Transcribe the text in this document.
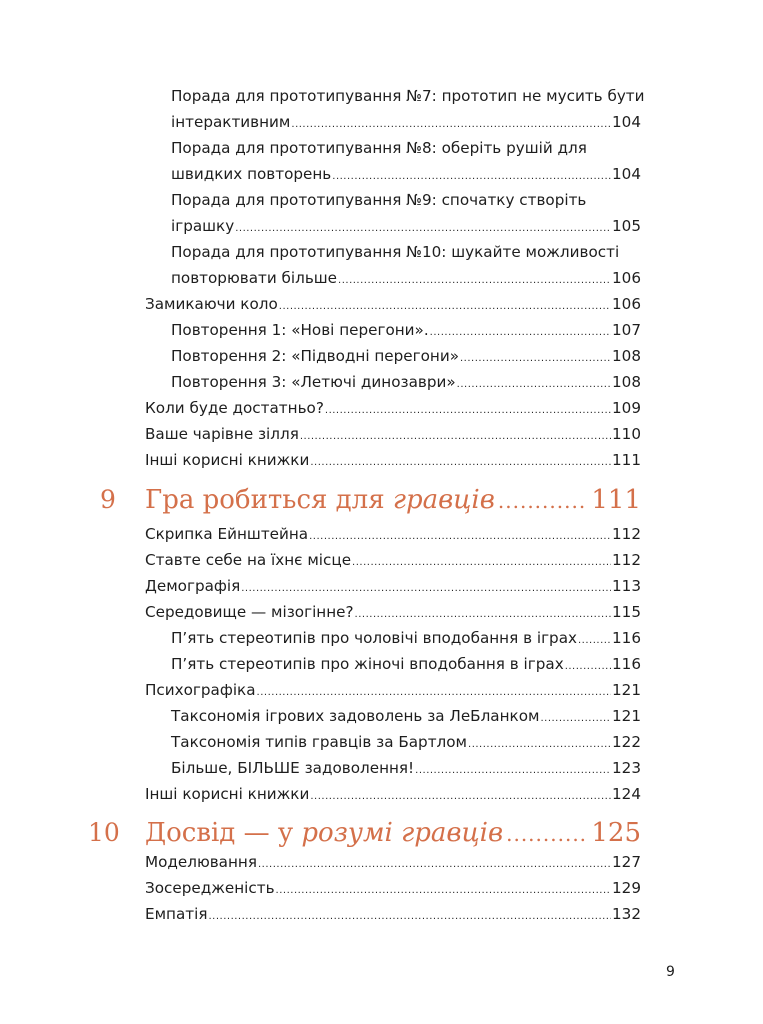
Порада для прототипування №7: прототип не мусить бути
інтерактивним .....	104
Порада для прототипування №8: оберіть рушій для
швидких повторень .....	104
Порада для прототипування №9: спочатку створіть
іграшку .....	105
Порада для прототипування №10: шукайте можливості
повторювати більше .....	106
Замикаючи коло .....	106
Повторення 1: «Нові перегони». .....	107
Повторення 2: «Підводні перегони» .....	108
Повторення 3: «Летючі динозаври» .....	108
Коли буде достатньо? .....	109
Ваше чарівне зілля .....	110
Інші корисні книжки .....	111
9	Гра робиться для гравців .....	111
Скрипка Ейнштейна .....	112
Ставте себе на їхнє місце .....	112
Демографія .....	113
Середовище — мізогінне? .....	115
П’ять стереотипів про чоловічі вподобання в іграх ..... 116
П’ять стереотипів про жіночі вподобання в іграх .....	116
Психографіка .....	121
Таксономія ігрових задоволень за ЛеБланком .....	121
Таксономія типів гравців за Бартлом .....	122
Більше, БІЛЬШЕ задоволення! .....	123
Інші корисні книжки .....	124
10 Досвід — у розумі гравців .....	125
Моделювання .....	127
Зосередженість .....	129
Емпатія .....	132
9
